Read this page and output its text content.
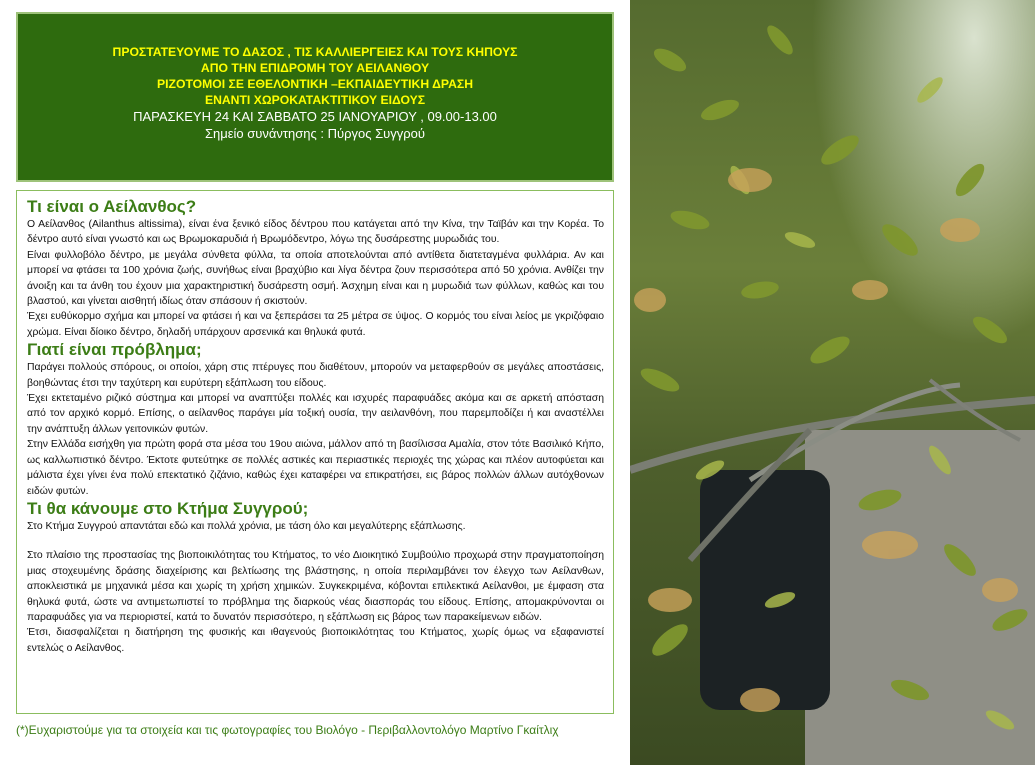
ΠΡΟΣΤΑΤΕΥΟΥΜΕ ΤΟ ΔΑΣΟΣ , ΤΙΣ ΚΑΛΛΙΕΡΓΕΙΕΣ ΚΑΙ ΤΟΥΣ ΚΗΠΟΥΣ
ΑΠΟ ΤΗΝ ΕΠΙΔΡΟΜΗ ΤΟΥ ΑΕΙΛΑΝΘΟΥ
ΡΙΖΟΤΟΜΟΙ ΣΕ ΕΘΕΛΟΝΤΙΚΗ –ΕΚΠΑΙΔΕΥΤΙΚΗ ΔΡΑΣΗ
ΕΝΑΝΤΙ ΧΩΡΟΚΑΤΑΚΤΙΤΙΚΟΥ ΕΙΔΟΥΣ
ΠΑΡΑΣΚΕΥΗ 24 ΚΑΙ ΣΑΒΒΑΤΟ 25 ΙΑΝΟΥΑΡΙΟΥ , 09.00-13.00
Σημείο συνάντησης : Πύργος Συγγρού
Τι είναι ο Αείλανθος?

Ο Αείλανθος (Ailanthus altissima), είναι ένα ξενικό είδος δέντρου που κατάγεται από την Κίνα, την Ταϊβάν και την Κορέα. Το δέντρο αυτό είναι γνωστό και ως Βρωμοκαρυδιά ή Βρωμόδεντρο, λόγω της δυσάρεστης μυρωδιάς του.

Είναι φυλλοβόλο δέντρο, με μεγάλα σύνθετα φύλλα, τα οποία αποτελούνται από αντίθετα διατεταγμένα φυλλάρια. Αν και μπορεί να φτάσει τα 100 χρόνια ζωής, συνήθως είναι βραχύβιο και λίγα δέντρα ζουν περισσότερα από 50 χρόνια. Ανθίζει την άνοιξη και τα άνθη του έχουν μια χαρακτηριστική δυσάρεστη οσμή. Άσχημη είναι και η μυρωδιά των φύλλων, καθώς και του βλαστού, και γίνεται αισθητή ιδίως όταν σπάσουν ή σκιστούν.

Έχει ευθύκορμο σχήμα και μπορεί να φτάσει ή και να ξεπεράσει τα 25 μέτρα σε ύψος. Ο κορμός του είναι λείος με γκριζόφαιο χρώμα. Είναι δίοικο δέντρο, δηλαδή υπάρχουν αρσενικά και θηλυκά φυτά.

Γιατί είναι πρόβλημα;

Παράγει πολλούς σπόρους, οι οποίοι, χάρη στις πτέρυγες που διαθέτουν, μπορούν να μεταφερθούν σε μεγάλες αποστάσεις, βοηθώντας έτσι την ταχύτερη και ευρύτερη εξάπλωση του είδους.

Έχει εκτεταμένο ριζικό σύστημα και μπορεί να αναπτύξει πολλές και ισχυρές παραφυάδες ακόμα και σε αρκετή απόσταση από τον αρχικό κορμό. Επίσης, ο αείλανθος παράγει μία τοξική ουσία, την αειλανθόνη, που παρεμποδίζει ή και αναστέλλει την ανάπτυξη άλλων γειτονικών φυτών.

Στην Ελλάδα εισήχθη για πρώτη φορά στα μέσα του 19ου αιώνα, μάλλον από τη βασίλισσα Αμαλία, στον τότε Βασιλικό Κήπο, ως καλλωπιστικό δέντρο. Έκτοτε φυτεύτηκε σε πολλές αστικές και περιαστικές περιοχές της χώρας και πλέον αυτοφύεται και μάλιστα έχει γίνει ένα πολύ επεκτατικό ζιζάνιο, καθώς έχει καταφέρει να επικρατήσει, εις βάρος πολλών άλλων αυτόχθονων ειδών φυτών.

Τι θα κάνουμε στο Κτήμα Συγγρού;

Στο Κτήμα Συγγρού απαντάται εδώ και πολλά χρόνια, με τάση όλο και μεγαλύτερης εξάπλωσης.

Στο πλαίσιο της προστασίας της βιοποικιλότητας του Κτήματος, το νέο Διοικητικό Συμβούλιο προχωρά στην πραγματοποίηση μιας στοχευμένης δράσης διαχείρισης και βελτίωσης της βλάστησης, η οποία περιλαμβάνει τον έλεγχο των Αείλανθων, αποκλειστικά με μηχανικά μέσα και χωρίς τη χρήση χημικών. Συγκεκριμένα, κόβονται επιλεκτικά Αείλανθοι, με έμφαση στα θηλυκά φυτά, ώστε να αντιμετωπιστεί το πρόβλημα της διαρκούς νέας διασποράς του είδους. Επίσης, απομακρύνονται οι παραφυάδες για να περιοριστεί, κατά το δυνατόν περισσότερο, η εξάπλωση εις βάρος των παρακείμενων ειδών.

Έτσι, διασφαλίζεται η διατήρηση της φυσικής και ιθαγενούς βιοποικιλότητας του Κτήματος, χωρίς όμως να εξαφανιστεί εντελώς ο Αείλανθος.

(*)Ευχαριστούμε για τα στοιχεία και τις φωτογραφίες του Βιολόγο - Περιβαλλοντολόγο Μαρτίνο Γκαίτλιχ
